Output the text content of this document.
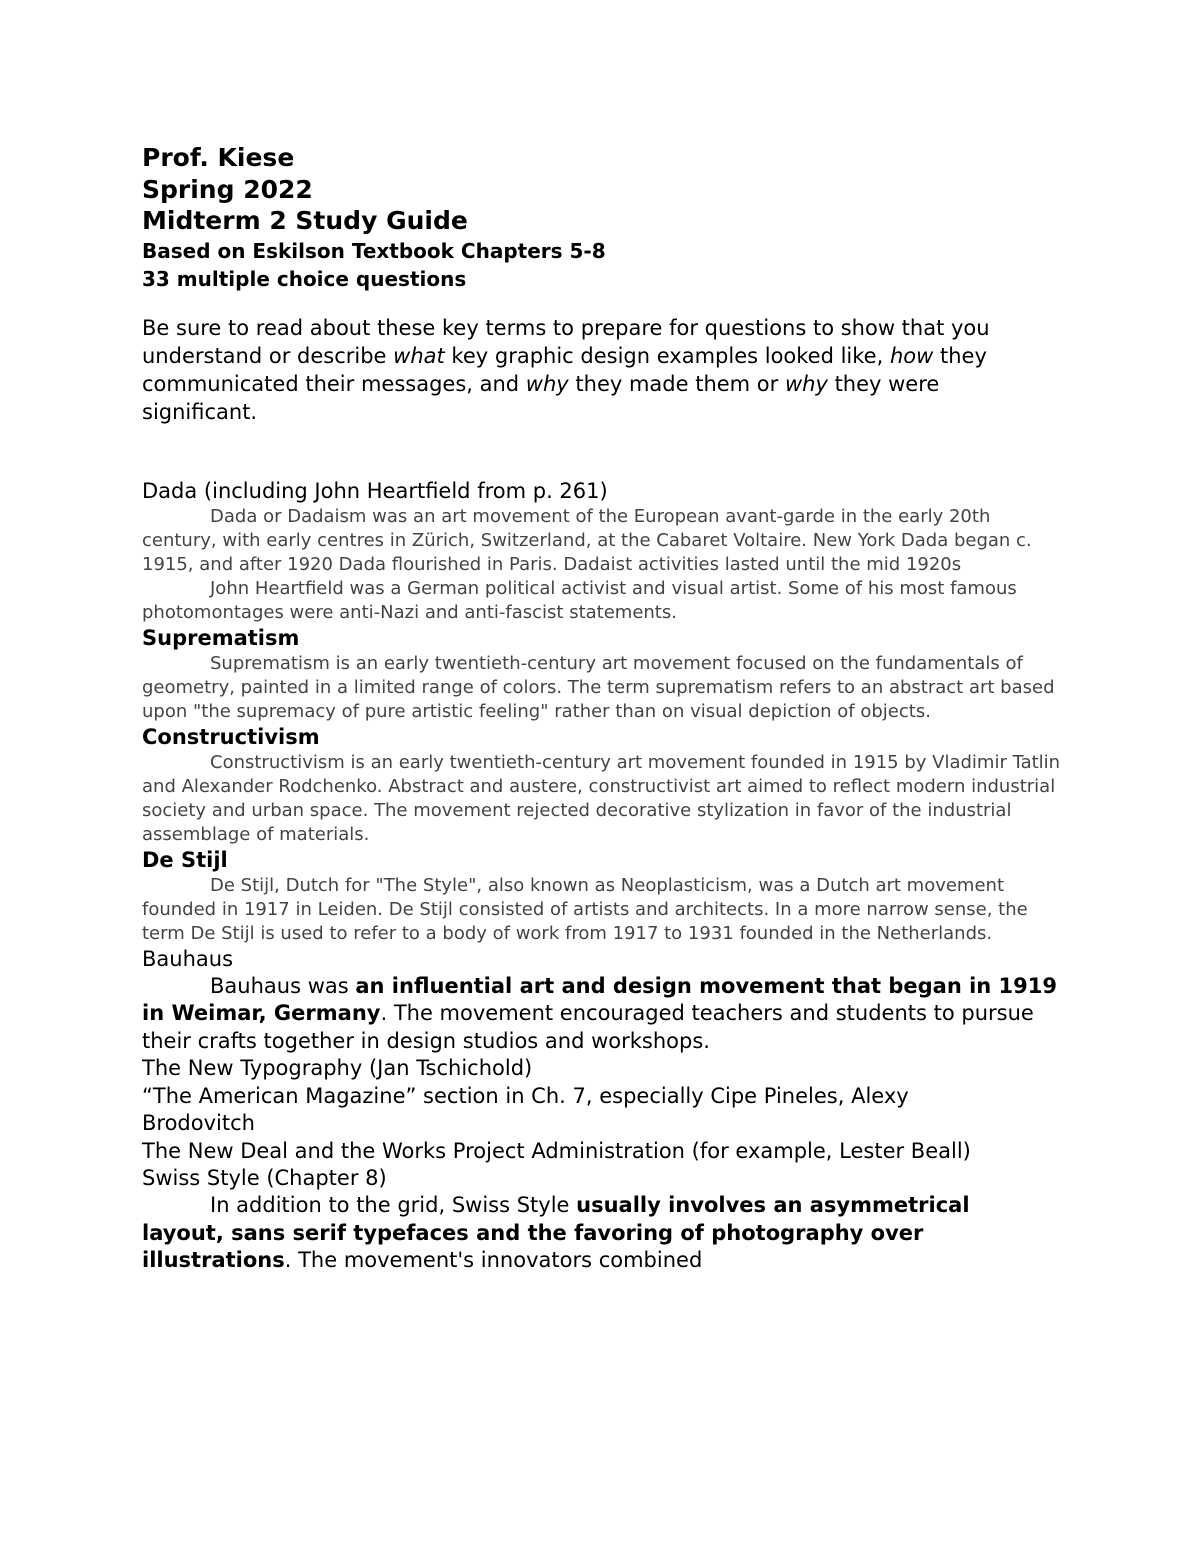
Prof. Kiese
Spring 2022
Midterm 2 Study Guide
Based on Eskilson Textbook Chapters 5-8
33 multiple choice questions
Be sure to read about these key terms to prepare for questions to show that you understand or describe what key graphic design examples looked like, how they communicated their messages, and why they made them or why they were significant.
Dada (including John Heartfield from p. 261)

Dada or Dadaism was an art movement of the European avant-garde in the early 20th century, with early centres in Zürich, Switzerland, at the Cabaret Voltaire. New York Dada began c. 1915, and after 1920 Dada flourished in Paris. Dadaist activities lasted until the mid 1920s

John Heartfield was a German political activist and visual artist. Some of his most famous photomontages were anti-Nazi and anti-fascist statements.

Suprematism

Suprematism is an early twentieth-century art movement focused on the fundamentals of geometry, painted in a limited range of colors. The term suprematism refers to an abstract art based upon "the supremacy of pure artistic feeling" rather than on visual depiction of objects.

Constructivism

Constructivism is an early twentieth-century art movement founded in 1915 by Vladimir Tatlin and Alexander Rodchenko. Abstract and austere, constructivist art aimed to reflect modern industrial society and urban space. The movement rejected decorative stylization in favor of the industrial assemblage of materials.

De Stijl

De Stijl, Dutch for "The Style", also known as Neoplasticism, was a Dutch art movement founded in 1917 in Leiden. De Stijl consisted of artists and architects. In a more narrow sense, the term De Stijl is used to refer to a body of work from 1917 to 1931 founded in the Netherlands.

Bauhaus

Bauhaus was an influential art and design movement that began in 1919 in Weimar, Germany. The movement encouraged teachers and students to pursue their crafts together in design studios and workshops.

The New Typography (Jan Tschichold)
“The American Magazine” section in Ch. 7, especially Cipe Pineles, Alexy Brodovitch
The New Deal and the Works Project Administration (for example, Lester Beall)
Swiss Style (Chapter 8)

In addition to the grid, Swiss Style usually involves an asymmetrical layout, sans serif typefaces and the favoring of photography over illustrations. The movement's innovators combined
